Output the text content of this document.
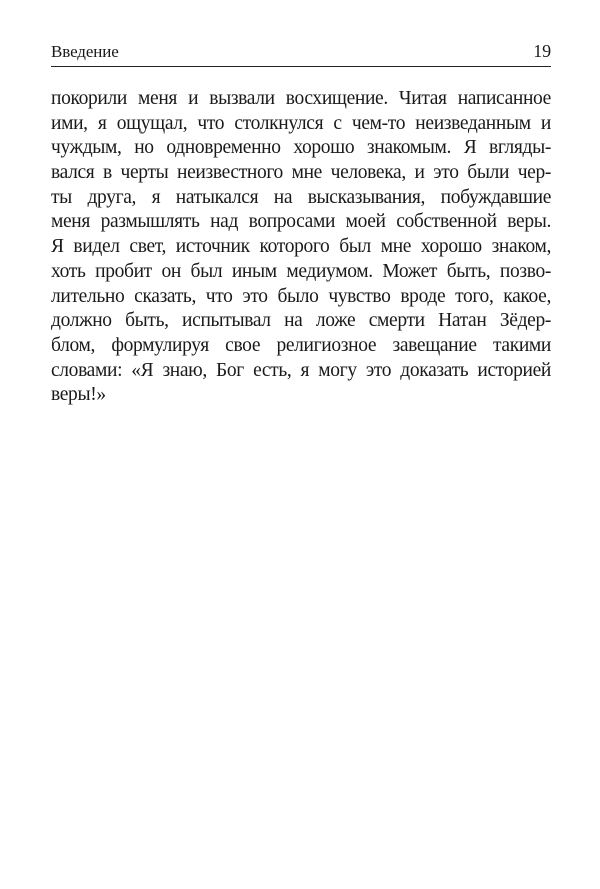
Введение	19
покорили меня и вызвали восхищение. Читая написанное
ими, я ощущал, что столкнулся с чем-то неизведанным и
чуждым, но одновременно хорошо знакомым. Я вгляды-
вался в черты неизвестного мне человека, и это были чер-
ты друга, я натыкался на высказывания, побуждавшие
меня размышлять над вопросами моей собственной веры.
Я видел свет, источник которого был мне хорошо знаком,
хоть пробит он был иным медиумом. Может быть, позво-
лительно сказать, что это было чувство вроде того, какое,
должно быть, испытывал на ложе смерти Натан Зёдер-
блом, формулируя свое религиозное завещание такими
словами: «Я знаю, Бог есть, я могу это доказать историей
веры!»
